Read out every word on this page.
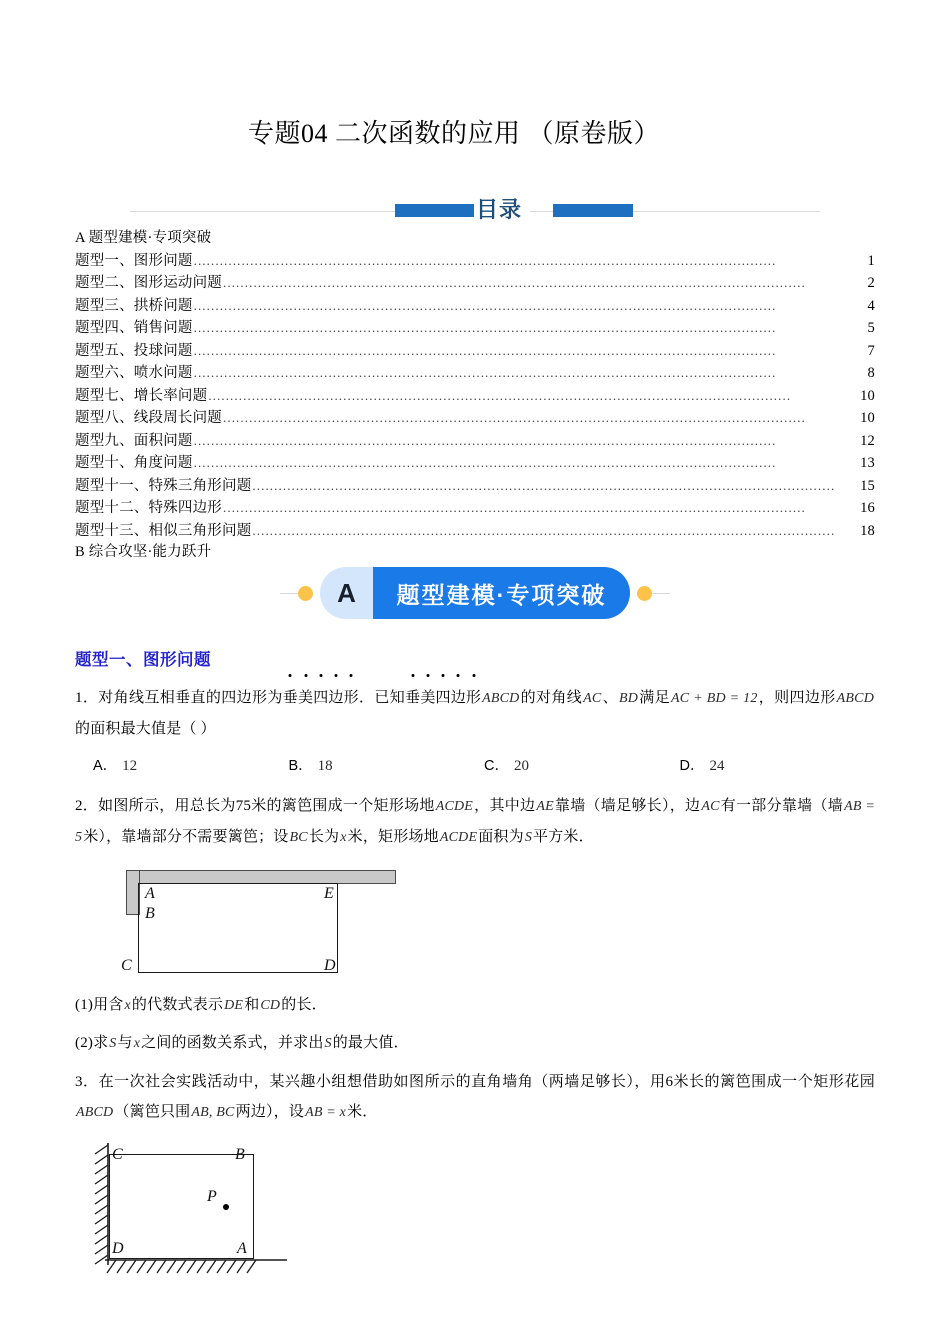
专题04 二次函数的应用 （原卷版）
目录
A 题型建模·专项突破
题型一、图形问题 ......................................................................................................................................	1
题型二、图形运动问题 ......................................................................................................................................	2
题型三、拱桥问题 ......................................................................................................................................	4
题型四、销售问题 ......................................................................................................................................	5
题型五、投球问题 ......................................................................................................................................	7
题型六、喷水问题 ......................................................................................................................................	8
题型七、增长率问题 ......................................................................................................................................	10
题型八、线段周长问题 ......................................................................................................................................	10
题型九、面积问题 ......................................................................................................................................	12
题型十、角度问题 ......................................................................................................................................	13
题型十一、特殊三角形问题 ......................................................................................................................................	15
题型十二、特殊四边形 ......................................................................................................................................	16
题型十三、相似三角形问题 ......................................................................................................................................	18
B 综合攻坚·能力跃升
A	题型建模·专项突破
题型一、图形问题
1．对角线互相垂直的四边形为垂美四边形．已知垂美四边形ABCD的对角线AC、BD满足AC + BD = 12，则四边形ABCD的面积最大值是（ ）
A． 12	B． 18	C． 20	D． 24
2．如图所示，用总长为75米的篱笆围成一个矩形场地ACDE，其中边AE靠墙（墙足够长），边AC有一部分靠墙（墙AB = 5米），靠墙部分不需要篱笆；设BC长为x米，矩形场地ACDE面积为S平方米．
A
B
E
C	D
(1)用含x的代数式表示DE和CD的长．
(2)求S与x之间的函数关系式，并求出S的最大值．
3．在一次社会实践活动中，某兴趣小组想借助如图所示的直角墙角（两墙足够长），用6米长的篱笆围成一个矩形花园ABCD（篱笆只围AB, BC两边），设AB = x米．
C	B
D	A
P
